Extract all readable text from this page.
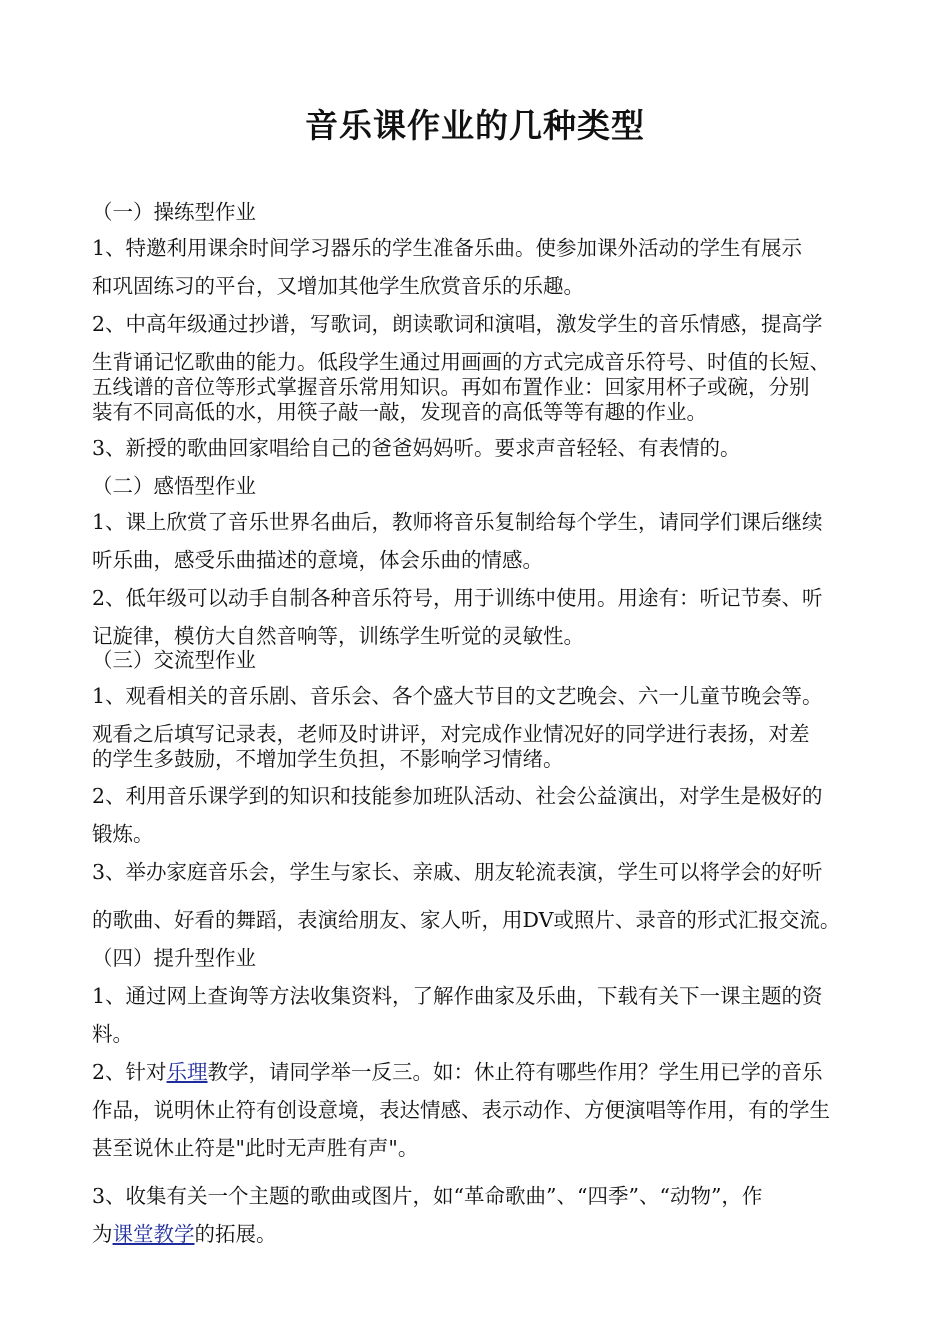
音乐课作业的几种类型
（一）操练型作业
1、特邀利用课余时间学习器乐的学生准备乐曲。使参加课外活动的学生有展示
和巩固练习的平台，又增加其他学生欣赏音乐的乐趣。
2、中高年级通过抄谱，写歌词，朗读歌词和演唱，激发学生的音乐情感，提高学
生背诵记忆歌曲的能力。低段学生通过用画画的方式完成音乐符号、时值的长短、
五线谱的音位等形式掌握音乐常用知识。再如布置作业：回家用杯子或碗，分别
装有不同高低的水，用筷子敲一敲，发现音的高低等等有趣的作业。
3、新授的歌曲回家唱给自己的爸爸妈妈听。要求声音轻轻、有表情的。
（二）感悟型作业
1、课上欣赏了音乐世界名曲后，教师将音乐复制给每个学生，请同学们课后继续
听乐曲，感受乐曲描述的意境，体会乐曲的情感。
2、低年级可以动手自制各种音乐符号，用于训练中使用。用途有：听记节奏、听
记旋律，模仿大自然音响等，训练学生听觉的灵敏性。
（三）交流型作业
1、观看相关的音乐剧、音乐会、各个盛大节目的文艺晚会、六一儿童节晚会等。
观看之后填写记录表，老师及时讲评，对完成作业情况好的同学进行表扬，对差
的学生多鼓励，不增加学生负担，不影响学习情绪。
2、利用音乐课学到的知识和技能参加班队活动、社会公益演出，对学生是极好的
锻炼。
3、举办家庭音乐会，学生与家长、亲戚、朋友轮流表演，学生可以将学会的好听
的歌曲、好看的舞蹈，表演给朋友、家人听，用DV或照片、录音的形式汇报交流。
（四）提升型作业
1、通过网上查询等方法收集资料，了解作曲家及乐曲，下载有关下一课主题的资
料。
2、针对乐理教学，请同学举一反三。如：休止符有哪些作用？学生用已学的音乐
作品，说明休止符有创设意境，表达情感、表示动作、方便演唱等作用，有的学生
甚至说休止符是"此时无声胜有声"。
3、收集有关一个主题的歌曲或图片，如“革命歌曲”、“四季”、“动物”，作
为课堂教学的拓展。
